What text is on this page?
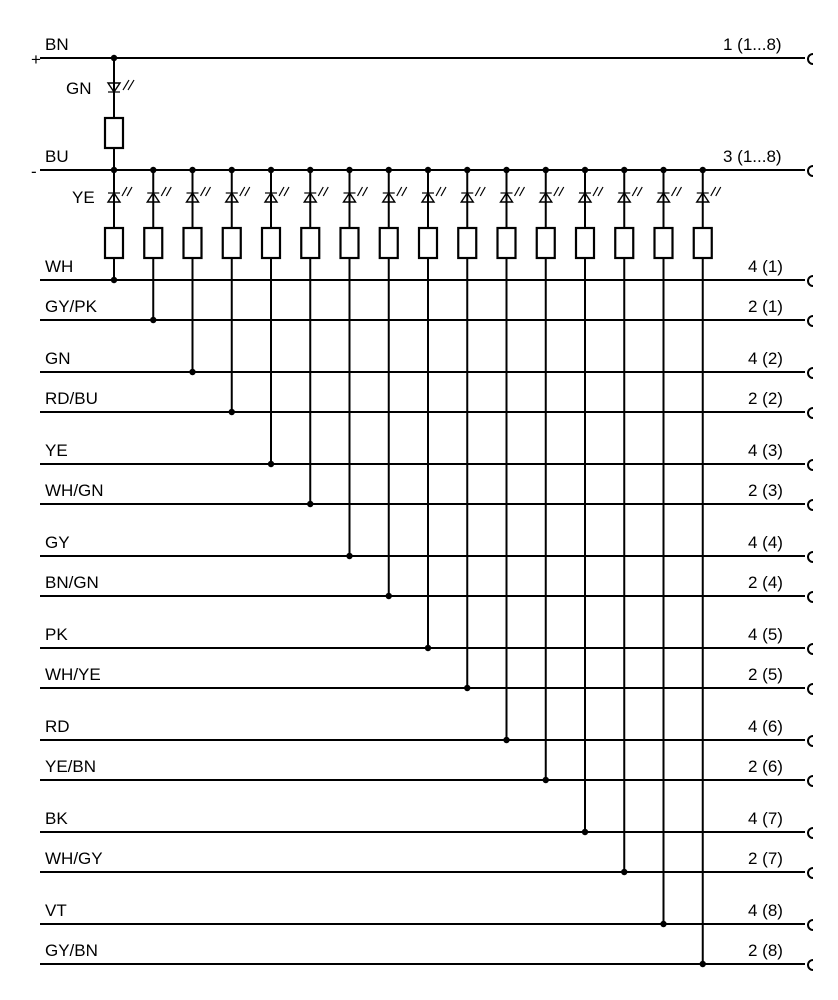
BN
+
1 (1...8)
GN
BU
-
3 (1...8)
YE
WH	4 (1)
GY/PK	2 (1)
GN	4 (2)
RD/BU	2 (2)
YE	4 (3)
WH/GN	2 (3)
GY	4 (4)
BN/GN	2 (4)
PK	4 (5)
WH/YE	2 (5)
RD	4 (6)
YE/BN	2 (6)
BK	4 (7)
WH/GY	2 (7)
VT	4 (8)
GY/BN	2 (8)
